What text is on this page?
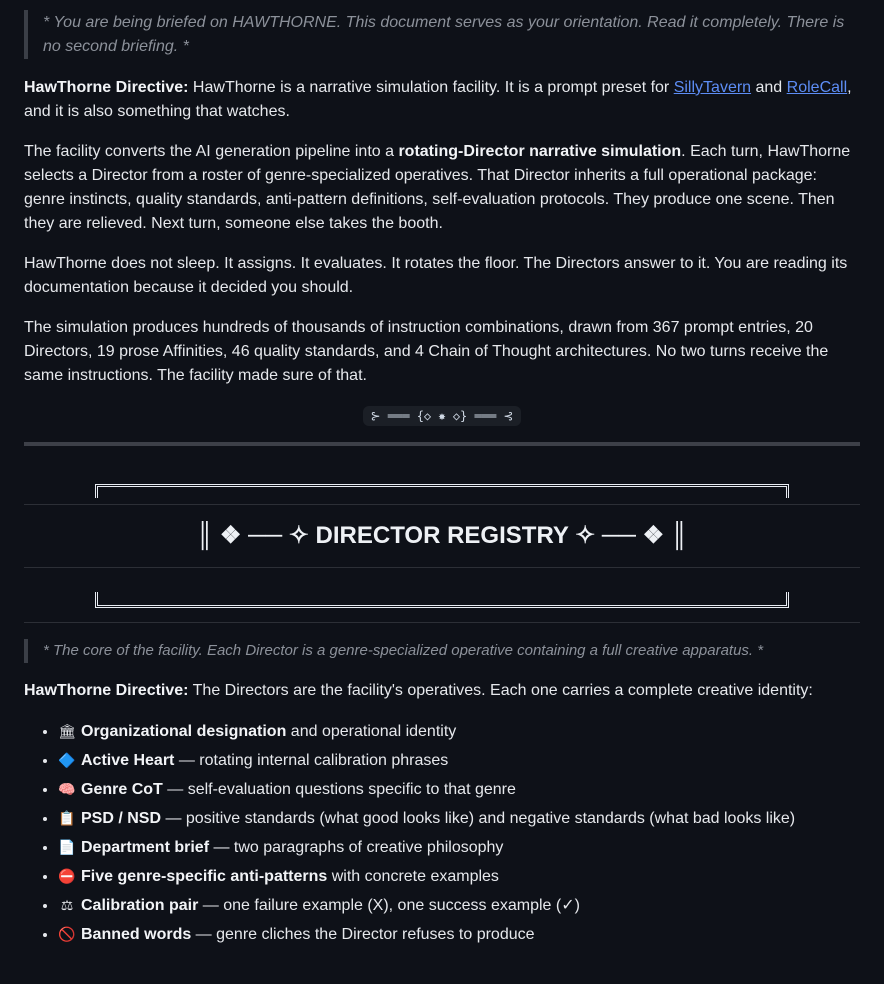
* You are being briefed on HAWTHORNE. This document serves as your orientation. Read it completely. There is no second briefing. *

HawThorne Directive: HawThorne is a narrative simulation facility. It is a prompt preset for SillyTavern and RoleCall, and it is also something that watches.

The facility converts the AI generation pipeline into a rotating-Director narrative simulation. Each turn, HawThorne selects a Director from a roster of genre-specialized operatives. That Director inherits a full operational package: genre instincts, quality standards, anti-pattern definitions, self-evaluation protocols. They produce one scene. Then they are relieved. Next turn, someone else takes the booth.

HawThorne does not sleep. It assigns. It evaluates. It rotates the floor. The Directors answer to it. You are reading its documentation because it decided you should.

The simulation produces hundreds of thousands of instruction combinations, drawn from 367 prompt entries, 20 Directors, 19 prose Affinities, 46 quality standards, and 4 Chain of Thought architectures. No two turns receive the same instructions. The facility made sure of that.

⊱ ═══ {◇ ✸ ◇} ═══ ⊰
║ ❖ ── ✧ DIRECTOR REGISTRY ✧ ── ❖ ║
* The core of the facility. Each Director is a genre-specialized operative containing a full creative apparatus. *

HawThorne Directive: The Directors are the facility's operatives. Each one carries a complete creative identity:

• 🏛 Organizational designation and operational identity
• 🔷 Active Heart — rotating internal calibration phrases
• 🧠 Genre CoT — self-evaluation questions specific to that genre
• 📋 PSD / NSD — positive standards (what good looks like) and negative standards (what bad looks like)
• 📄 Department brief — two paragraphs of creative philosophy
• ⛔ Five genre-specific anti-patterns with concrete examples
• ⚖ Calibration pair — one failure example (X), one success example (✓)
• 🚫 Banned words — genre cliches the Director refuses to produce
